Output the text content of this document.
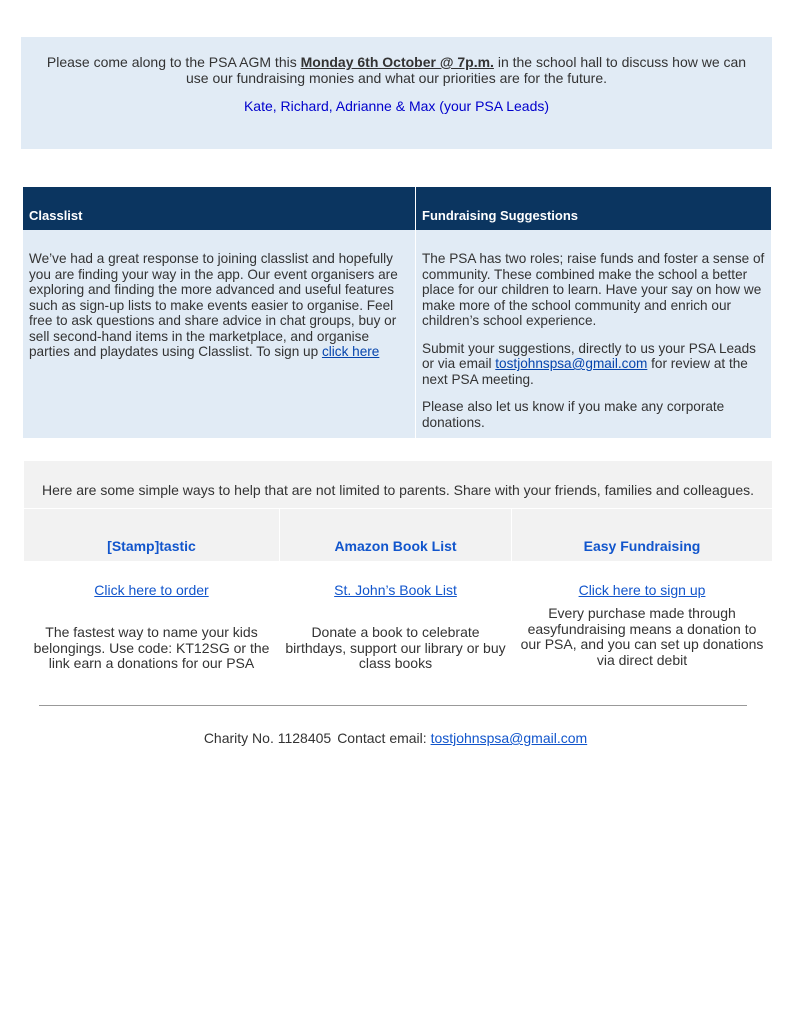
Please come along to the PSA AGM this Monday 6th October @ 7p.m. in the school hall to discuss how we can use our fundraising monies and what our priorities are for the future.

Kate, Richard, Adrianne & Max (your PSA Leads)

Classlist	Fundraising Suggestions

We’ve had a great response to joining classlist and hopefully you are finding your way in the app. Our event organisers are exploring and finding the more advanced and useful features such as sign-up lists to make events easier to organise. Feel free to ask questions and share advice in chat groups, buy or sell second-hand items in the marketplace, and organise parties and playdates using Classlist. To sign up click here

The PSA has two roles; raise funds and foster a sense of community. These combined make the school a better place for our children to learn. Have your say on how we make more of the school community and enrich our children’s school experience.

Submit your suggestions, directly to us your PSA Leads or via email tostjohnspsa@gmail.com for review at the next PSA meeting.

Please also let us know if you make any corporate donations.

Here are some simple ways to help that are not limited to parents. Share with your friends, families and colleagues.
[Stamp]tastic
Click here to order
The fastest way to name your kids belongings. Use code: KT12SG or the link earn a donations for our PSA
Amazon Book List
St. John’s Book List
Donate a book to celebrate birthdays, support our library or buy class books
Easy Fundraising
Click here to sign up
Every purchase made through easyfundraising means a donation to our PSA, and you can set up donations via direct debit
Charity No. 1128405 Contact email: tostjohnspsa@gmail.com
